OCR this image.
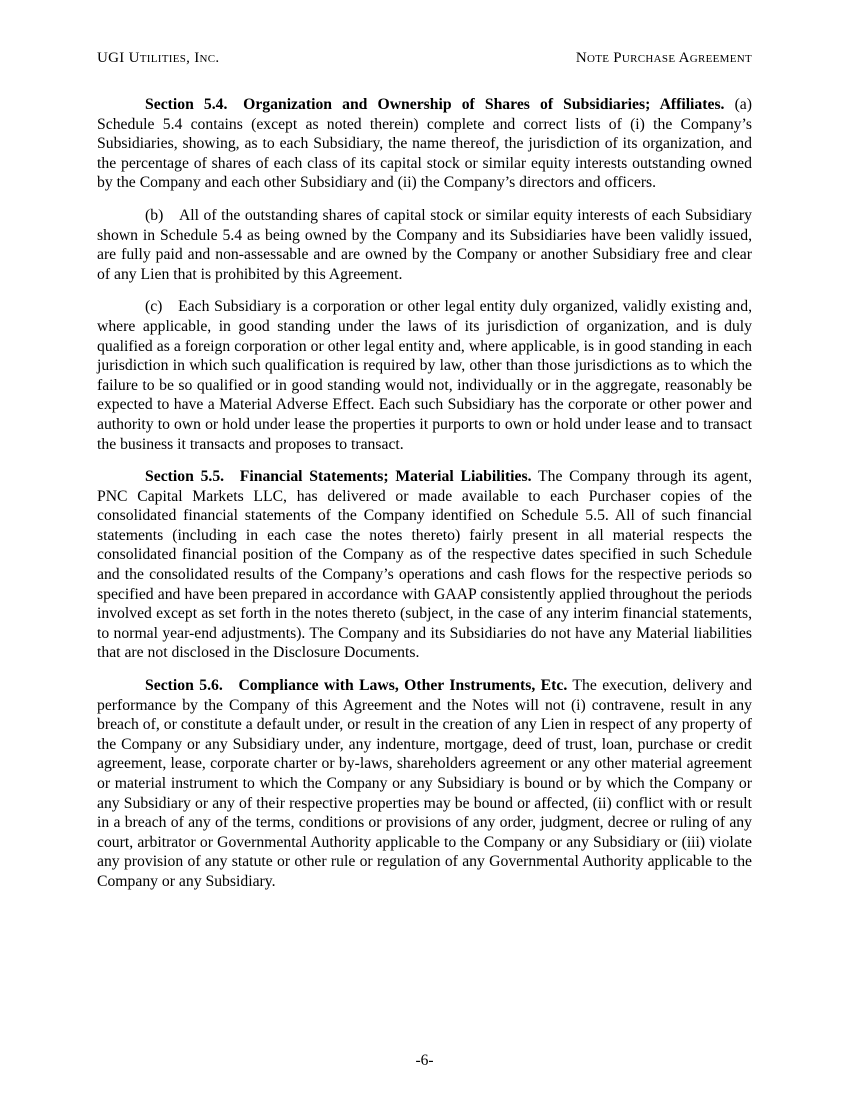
UGI Utilities, Inc.	Note Purchase Agreement

Section 5.4. Organization and Ownership of Shares of Subsidiaries; Affiliates. (a) Schedule 5.4 contains (except as noted therein) complete and correct lists of (i) the Company’s Subsidiaries, showing, as to each Subsidiary, the name thereof, the jurisdiction of its organization, and the percentage of shares of each class of its capital stock or similar equity interests outstanding owned by the Company and each other Subsidiary and (ii) the Company’s directors and officers.

(b) All of the outstanding shares of capital stock or similar equity interests of each Subsidiary shown in Schedule 5.4 as being owned by the Company and its Subsidiaries have been validly issued, are fully paid and non-assessable and are owned by the Company or another Subsidiary free and clear of any Lien that is prohibited by this Agreement.

(c) Each Subsidiary is a corporation or other legal entity duly organized, validly existing and, where applicable, in good standing under the laws of its jurisdiction of organization, and is duly qualified as a foreign corporation or other legal entity and, where applicable, is in good standing in each jurisdiction in which such qualification is required by law, other than those jurisdictions as to which the failure to be so qualified or in good standing would not, individually or in the aggregate, reasonably be expected to have a Material Adverse Effect. Each such Subsidiary has the corporate or other power and authority to own or hold under lease the properties it purports to own or hold under lease and to transact the business it transacts and proposes to transact.

Section 5.5. Financial Statements; Material Liabilities. The Company through its agent, PNC Capital Markets LLC, has delivered or made available to each Purchaser copies of the consolidated financial statements of the Company identified on Schedule 5.5. All of such financial statements (including in each case the notes thereto) fairly present in all material respects the consolidated financial position of the Company as of the respective dates specified in such Schedule and the consolidated results of the Company’s operations and cash flows for the respective periods so specified and have been prepared in accordance with GAAP consistently applied throughout the periods involved except as set forth in the notes thereto (subject, in the case of any interim financial statements, to normal year-end adjustments). The Company and its Subsidiaries do not have any Material liabilities that are not disclosed in the Disclosure Documents.

Section 5.6. Compliance with Laws, Other Instruments, Etc. The execution, delivery and performance by the Company of this Agreement and the Notes will not (i) contravene, result in any breach of, or constitute a default under, or result in the creation of any Lien in respect of any property of the Company or any Subsidiary under, any indenture, mortgage, deed of trust, loan, purchase or credit agreement, lease, corporate charter or by-laws, shareholders agreement or any other material agreement or material instrument to which the Company or any Subsidiary is bound or by which the Company or any Subsidiary or any of their respective properties may be bound or affected, (ii) conflict with or result in a breach of any of the terms, conditions or provisions of any order, judgment, decree or ruling of any court, arbitrator or Governmental Authority applicable to the Company or any Subsidiary or (iii) violate any provision of any statute or other rule or regulation of any Governmental Authority applicable to the Company or any Subsidiary.

-6-
